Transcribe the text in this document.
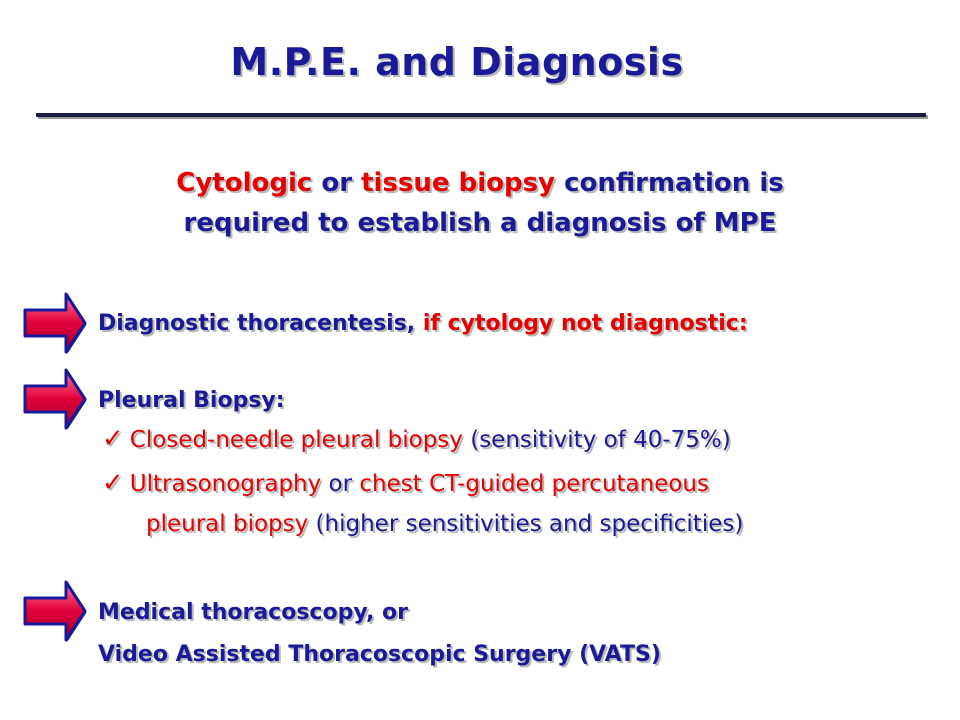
M.P.E. and Diagnosis
Cytologic or tissue biopsy confirmation is
required to establish a diagnosis of MPE
Diagnostic thoracentesis, if cytology not diagnostic:
Pleural Biopsy:
✓ Closed-needle pleural biopsy (sensitivity of 40-75%)
✓ Ultrasonography or chest CT-guided percutaneous
pleural biopsy (higher sensitivities and specificities)
Medical thoracoscopy, or
Video Assisted Thoracoscopic Surgery (VATS)
